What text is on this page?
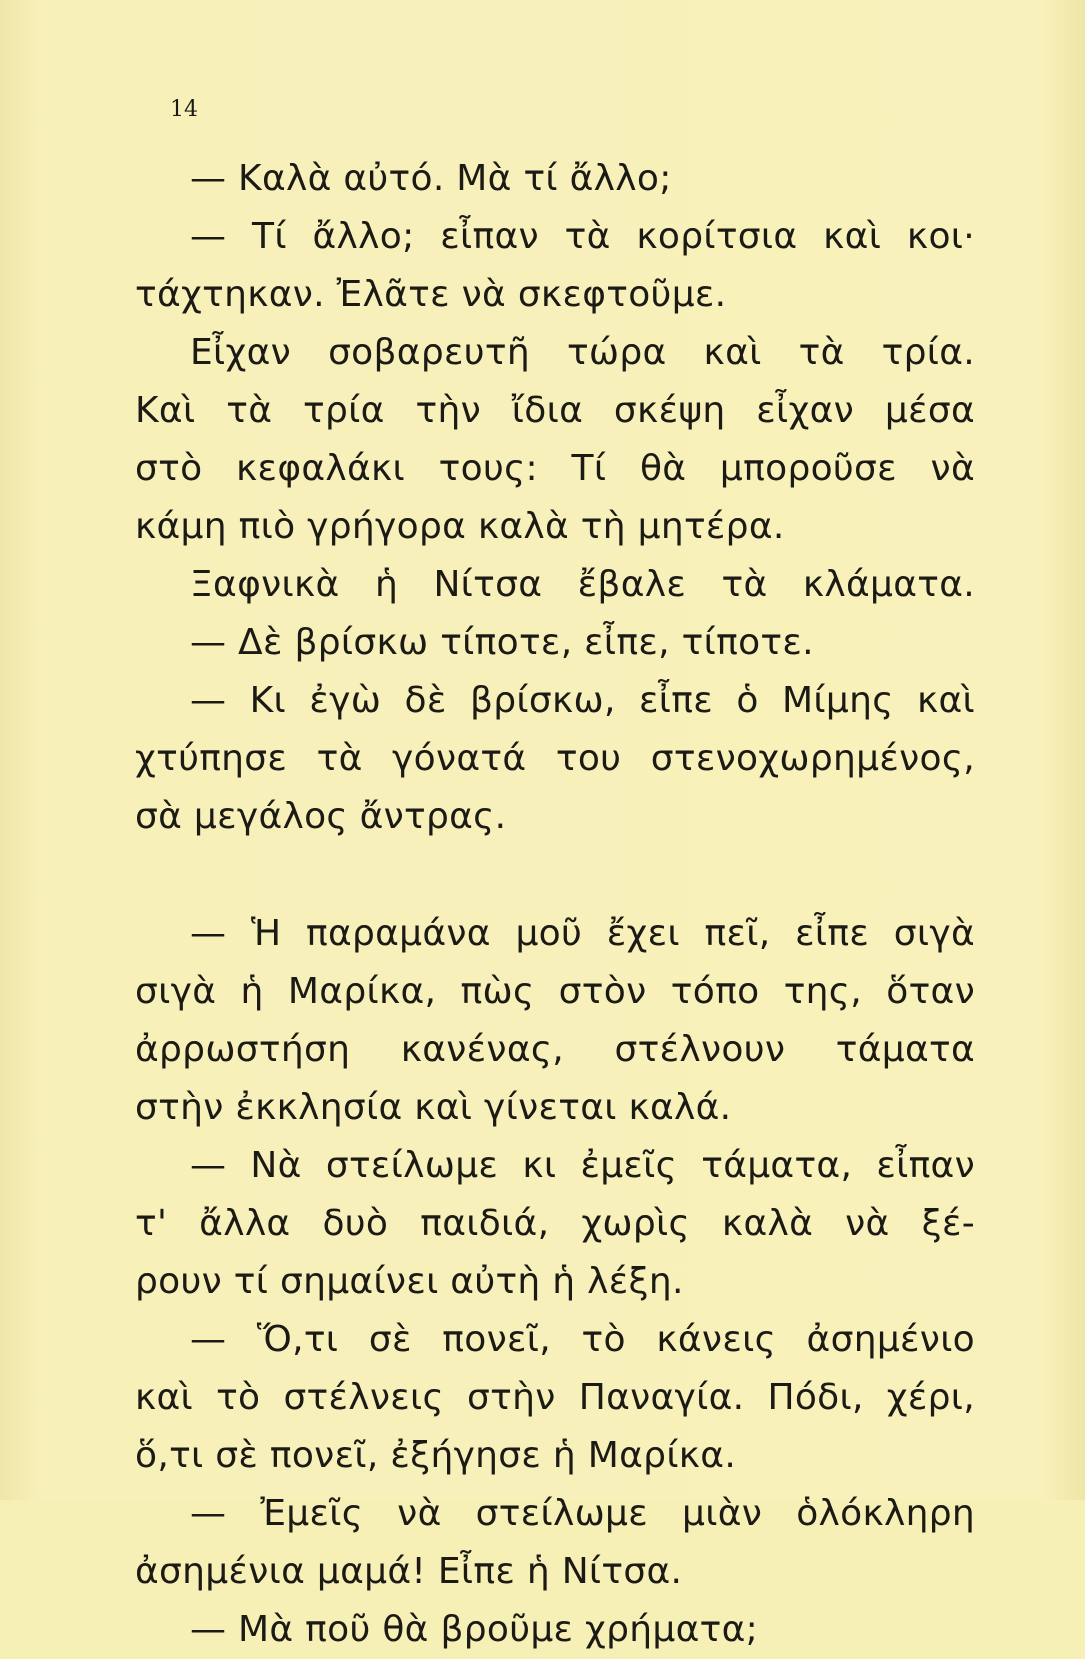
14
— Καλὰ αὐτό. Μὰ τί ἄλλο;
— Τί ἄλλο; εἶπαν τὰ κορίτσια καὶ κοι·
τάχτηκαν. Ἐλᾶτε νὰ σκεφτοῦμε.
Εἶχαν σοβαρευτῆ τώρα καὶ τὰ τρία.
Καὶ τὰ τρία τὴν ἴδια σκέψη εἶχαν μέσα
στὸ κεφαλάκι τους: Τί θὰ μποροῦσε νὰ
κάμη πιὸ γρήγορα καλὰ τὴ μητέρα.
Ξαφνικὰ ἡ Νίτσα ἔβαλε τὰ κλάματα.
— Δὲ βρίσκω τίποτε, εἶπε, τίποτε.
— Κι ἐγὼ δὲ βρίσκω, εἶπε ὁ Μίμης καὶ
χτύπησε τὰ γόνατά του στενοχωρημένος,
σὰ μεγάλος ἄντρας.
— Ἡ παραμάνα μοῦ ἔχει πεῖ, εἶπε σιγὰ
σιγὰ ἡ Μαρίκα, πὼς στὸν τόπο της, ὅταν
ἀρρωστήση κανένας, στέλνουν τάματα
στὴν ἐκκλησία καὶ γίνεται καλά.
— Νὰ στείλωμε κι ἐμεῖς τάματα, εἶπαν
τ' ἄλλα δυὸ παιδιά, χωρὶς καλὰ νὰ ξέ-
ρουν τί σημαίνει αὐτὴ ἡ λέξη.
— Ὅ,τι σὲ πονεῖ, τὸ κάνεις ἀσημένιο
καὶ τὸ στέλνεις στὴν Παναγία. Πόδι, χέρι,
ὅ,τι σὲ πονεῖ, ἐξήγησε ἡ Μαρίκα.
— Ἐμεῖς νὰ στείλωμε μιὰν ὁλόκληρη
ἀσημένια μαμά! Εἶπε ἡ Νίτσα.
— Μὰ ποῦ θὰ βροῦμε χρήματα;
